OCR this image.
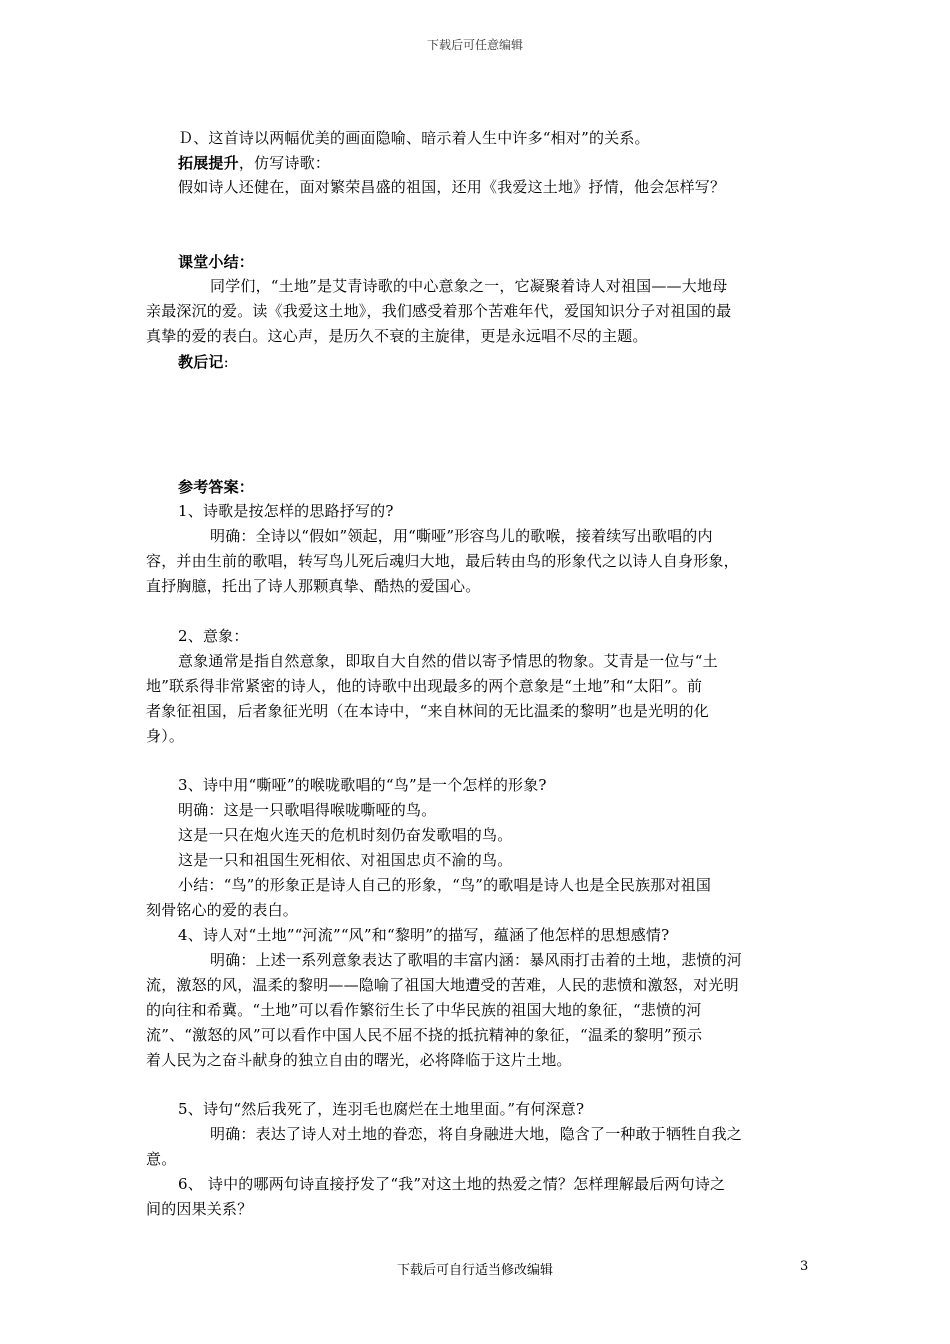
下载后可任意编辑
Ｄ、这首诗以两幅优美的画面隐喻、暗示着人生中许多“相对”的关系。
拓展提升，仿写诗歌：
假如诗人还健在，面对繁荣昌盛的祖国，还用《我爱这土地》抒情，他会怎样写？
课堂小结：
同学们，“土地”是艾青诗歌的中心意象之一，它凝聚着诗人对祖国——大地母
亲最深沉的爱。读《我爱这土地》，我们感受着那个苦难年代，爱国知识分子对祖国的最
真挚的爱的表白。这心声，是历久不衰的主旋律，更是永远唱不尽的主题。
教后记:
参考答案：
1、诗歌是按怎样的思路抒写的?
明确：全诗以“假如”领起，用“嘶哑”形容鸟儿的歌喉，接着续写出歌唱的内
容，并由生前的歌唱，转写鸟儿死后魂归大地，最后转由鸟的形象代之以诗人自身形象，
直抒胸臆，托出了诗人那颗真挚、酷热的爱国心。
2、意象：
意象通常是指自然意象，即取自大自然的借以寄予情思的物象。艾青是一位与“土
地”联系得非常紧密的诗人，他的诗歌中出现最多的两个意象是“土地”和“太阳”。前
者象征祖国，后者象征光明（在本诗中，“来自林间的无比温柔的黎明”也是光明的化
身）。
3、诗中用“嘶哑”的喉咙歌唱的“鸟”是一个怎样的形象?
明确：这是一只歌唱得喉咙嘶哑的鸟。
这是一只在炮火连天的危机时刻仍奋发歌唱的鸟。
这是一只和祖国生死相依、对祖国忠贞不渝的鸟。
小结：“鸟”的形象正是诗人自己的形象，“鸟”的歌唱是诗人也是全民族那对祖国
刻骨铭心的爱的表白。
4、诗人对“土地”“河流”“风”和“黎明”的描写，蕴涵了他怎样的思想感情?
明确：上述一系列意象表达了歌唱的丰富内涵：暴风雨打击着的土地，悲愤的河
流，激怒的风，温柔的黎明——隐喻了祖国大地遭受的苦难，人民的悲愤和激怒，对光明
的向往和希冀。“土地”可以看作繁衍生长了中华民族的祖国大地的象征，“悲愤的河
流”、“激怒的风”可以看作中国人民不屈不挠的抵抗精神的象征，“温柔的黎明”预示
着人民为之奋斗献身的独立自由的曙光，必将降临于这片土地。
5、诗句“然后我死了，连羽毛也腐烂在土地里面。”有何深意?
明确：表达了诗人对土地的眷恋，将自身融进大地，隐含了一种敢于牺牲自我之
意。
6、 诗中的哪两句诗直接抒发了“我”对这土地的热爱之情？怎样理解最后两句诗之
间的因果关系？
下载后可自行适当修改编辑	3
